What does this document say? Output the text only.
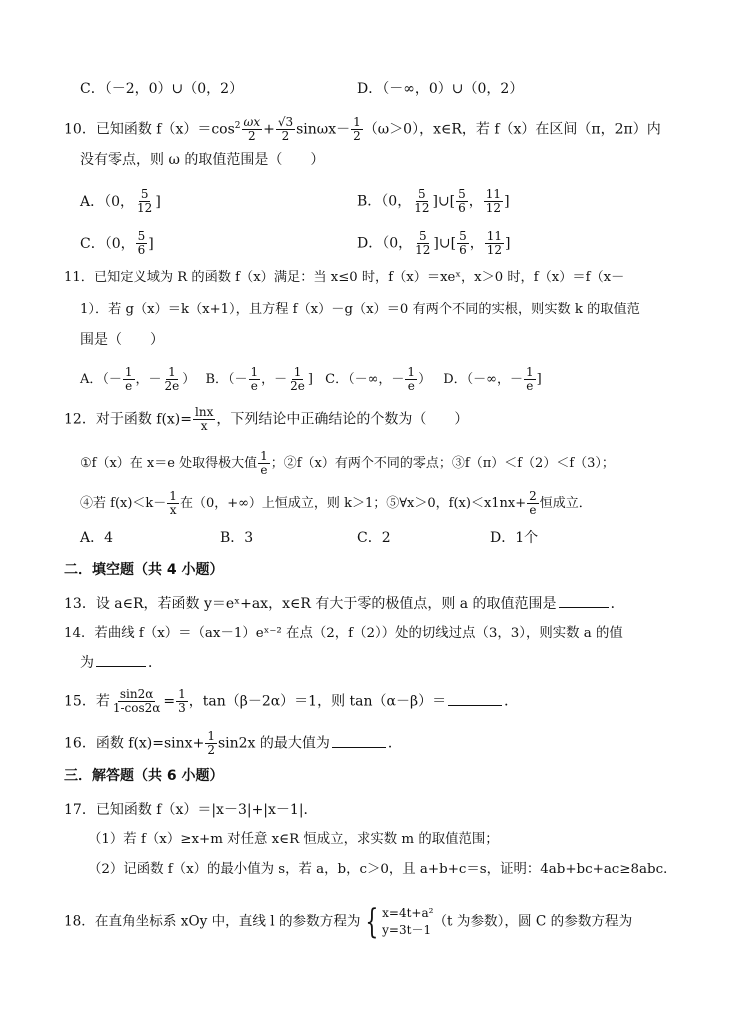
C．（－2，0）∪（0，2）	D．（－∞，0）∪（0，2）
10．已知函数 $f(x)=\cos^2 \frac{\omega x}{2} + \frac{√3}{2} \sin\omega x- \frac{1}{2} (\omega>0)$，x∈R，若 f（x）在区间（π，2π）内
没有零点，则 ω 的取值范围是（　　）
A．（0， $\frac{5}{12}$ ]	B．（0， $\frac{5}{12}$ ]∪[ $\frac{5}{6}$ ， $\frac{11}{12}$ ]
C．（0， $\frac{5}{6}$ ]	D．（0， $\frac{5}{12}$ ]∪[ $\frac{5}{6}$ ， $\frac{11}{12}$ ]
11．已知定义域为 R 的函数 f（x）满足：当 x≤0 时，f（x）＝xeˣ，x＞0 时，f（x）＝f（x－
1）．若 g（x）＝k（x+1），且方程 f（x）－g（x）＝0 有两个不同的实根，则实数 k 的取值范
围是（　　）
A．（－ $\frac{1}{e}$ ，－ $\frac{1}{2e}$ ） B．（－ $\frac{1}{e}$ ，－ $\frac{1}{2e}$ ] C．（－∞，－ $\frac{1}{e}$ ） D．（－∞，－ $\frac{1}{e}$ ]
12．对于函数 $f(x)= \frac{\ln x}{x}$ ，下列结论中正确结论的个数为（　　）
①f（x）在 x＝e 处取得极大值 $\frac{1}{e}$ ；②f（x）有两个不同的零点；③f（π）＜f（2）＜f（3）；
④若 $f(x)<k- \frac{1}{x}$ 在（0，+∞）上恒成立，则 k＞1；⑤∀x＞0，$f(x)<x1nx+ \frac{2}{e}$ 恒成立．
A．4	B．3	C．2	D．1个
二．填空题（共 4 小题）
13．设 a∈R，若函数 y＝eˣ+ax，x∈R 有大于零的极值点，则 a 的取值范围是	．
14．若曲线 f（x）＝（ax－1）eˣ⁻² 在点（2，f（2））处的切线过点（3，3），则实数 a 的值
为	．
15．若 $\frac{\sin 2\alpha}{1-\cos 2\alpha} = \frac{1}{3}$ ，tan（β－2α）＝1，则 tan（α－β）＝	．
16．函数 $f(x)=\sin x+ \frac{1}{2} \sin 2x$ 的最大值为	．
三．解答题（共 6 小题）
17．已知函数 f（x）＝|x－3|+|x－1|．
（1）若 f（x）≥x+m 对任意 x∈R 恒成立，求实数 m 的取值范围；
（2）记函数 f（x）的最小值为 s，若 a，b，c＞0，且 a+b+c＝s，证明：4ab+bc+ac≥8abc．
18．在直角坐标系 xOy 中，直线 l 的参数方程为 { x=4t+a²
y=3t－1
（t 为参数），圆 C 的参数方程为
